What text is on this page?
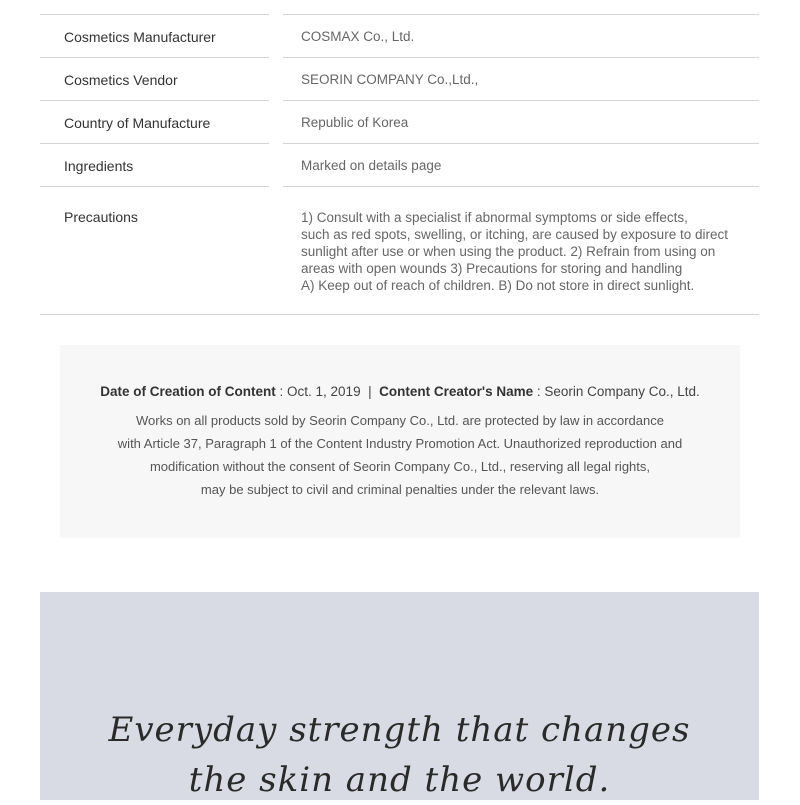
Cosmetics Manufacturer	COSMAX Co., Ltd.
Cosmetics Vendor	SEORIN COMPANY Co.,Ltd.,
Country of Manufacture	Republic of Korea
Ingredients	Marked on details page
Precautions	1) Consult with a specialist if abnormal symptoms or side effects,
such as red spots, swelling, or itching, are caused by exposure to direct
sunlight after use or when using the product. 2) Refrain from using on
areas with open wounds 3) Precautions for storing and handling
A) Keep out of reach of children. B) Do not store in direct sunlight.
Date of Creation of Content : Oct. 1, 2019 | Content Creator's Name : Seorin Company Co., Ltd.
Works on all products sold by Seorin Company Co., Ltd. are protected by law in accordance
with Article 37, Paragraph 1 of the Content Industry Promotion Act. Unauthorized reproduction and
modification without the consent of Seorin Company Co., Ltd., reserving all legal rights,
may be subject to civil and criminal penalties under the relevant laws.
Everyday strength that changes
the skin and the world.
